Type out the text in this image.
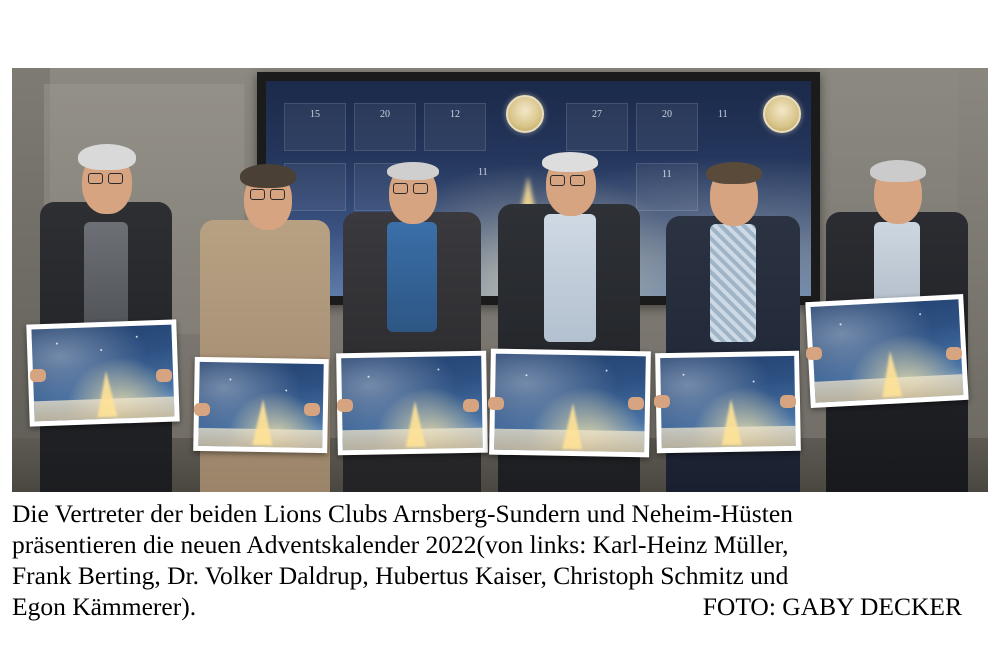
15	20	12
11
27	20	11
11
Die Vertreter der beiden Lions Clubs Arnsberg-Sundern und Neheim-Hüsten
präsentieren die neuen Adventskalender 2022(von links: Karl-Heinz Müller,
Frank Berting, Dr. Volker Daldrup, Hubertus Kaiser, Christoph Schmitz und
Egon Kämmerer).	FOTO: GABY DECKER
